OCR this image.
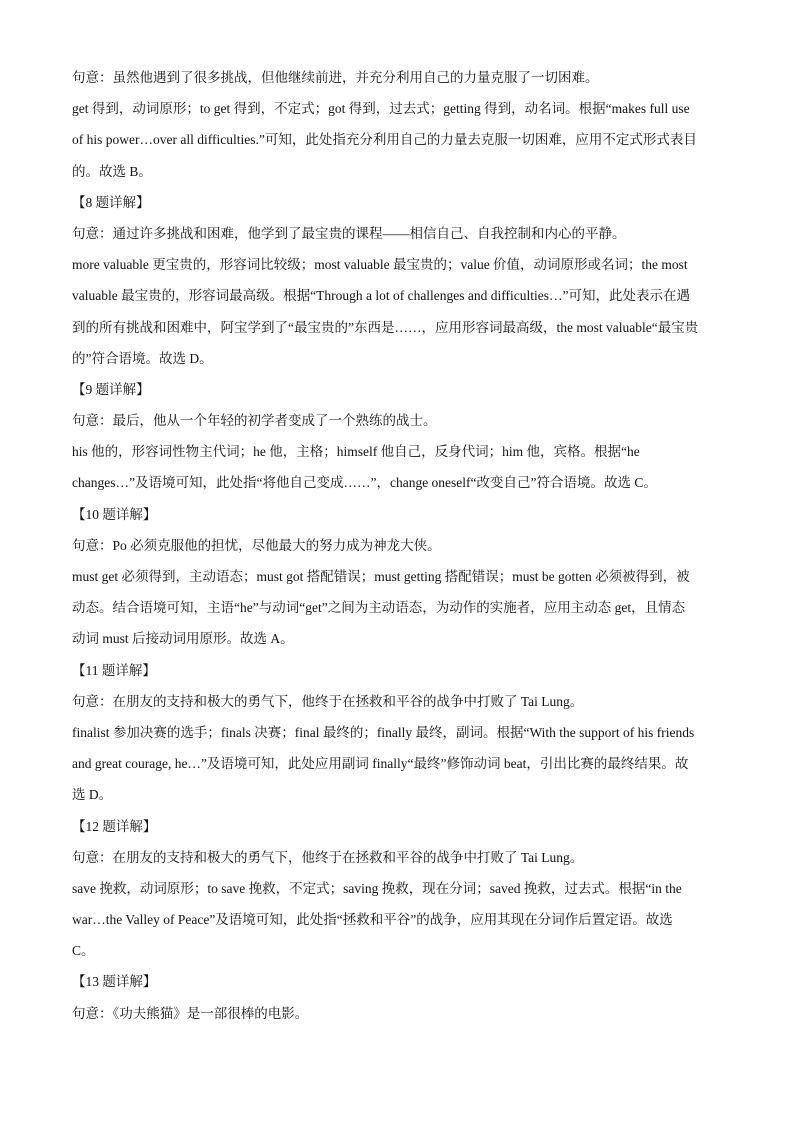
句意：虽然他遇到了很多挑战，但他继续前进，并充分利用自己的力量克服了一切困难。
get 得到，动词原形；to get 得到，不定式；got 得到，过去式；getting 得到，动名词。根据“makes full use
of his power…over all difficulties.”可知，此处指充分利用自己的力量去克服一切困难，应用不定式形式表目
的。故选 B。
【8 题详解】
句意：通过许多挑战和困难，他学到了最宝贵的课程——相信自己、自我控制和内心的平静。
more valuable 更宝贵的，形容词比较级；most valuable 最宝贵的；value 价值，动词原形或名词；the most
valuable 最宝贵的，形容词最高级。根据“Through a lot of challenges and difficulties…”可知，此处表示在遇
到的所有挑战和困难中，阿宝学到了“最宝贵的”东西是……，应用形容词最高级，the most valuable“最宝贵
的”符合语境。故选 D。
【9 题详解】
句意：最后，他从一个年轻的初学者变成了一个熟练的战士。
his 他的，形容词性物主代词；he 他，主格；himself 他自己，反身代词；him 他，宾格。根据“he
changes…”及语境可知，此处指“将他自己变成……”，change oneself“改变自己”符合语境。故选 C。
【10 题详解】
句意：Po 必须克服他的担忧，尽他最大的努力成为神龙大侠。
must get 必须得到，主动语态；must got 搭配错误；must getting 搭配错误；must be gotten 必须被得到，被
动态。结合语境可知，主语“he”与动词“get”之间为主动语态，为动作的实施者，应用主动态 get，且情态
动词 must 后接动词用原形。故选 A。
【11 题详解】
句意：在朋友的支持和极大的勇气下，他终于在拯救和平谷的战争中打败了 Tai Lung。
finalist 参加决赛的选手；finals 决赛；final 最终的；finally 最终，副词。根据“With the support of his friends
and great courage, he…”及语境可知，此处应用副词 finally“最终”修饰动词 beat，引出比赛的最终结果。故
选 D。
【12 题详解】
句意：在朋友的支持和极大的勇气下，他终于在拯救和平谷的战争中打败了 Tai Lung。
save 挽救，动词原形；to save 挽救，不定式；saving 挽救，现在分词；saved 挽救，过去式。根据“in the
war…the Valley of Peace”及语境可知，此处指“拯救和平谷”的战争，应用其现在分词作后置定语。故选
C。
【13 题详解】
句意：《功夫熊猫》是一部很棒的电影。
